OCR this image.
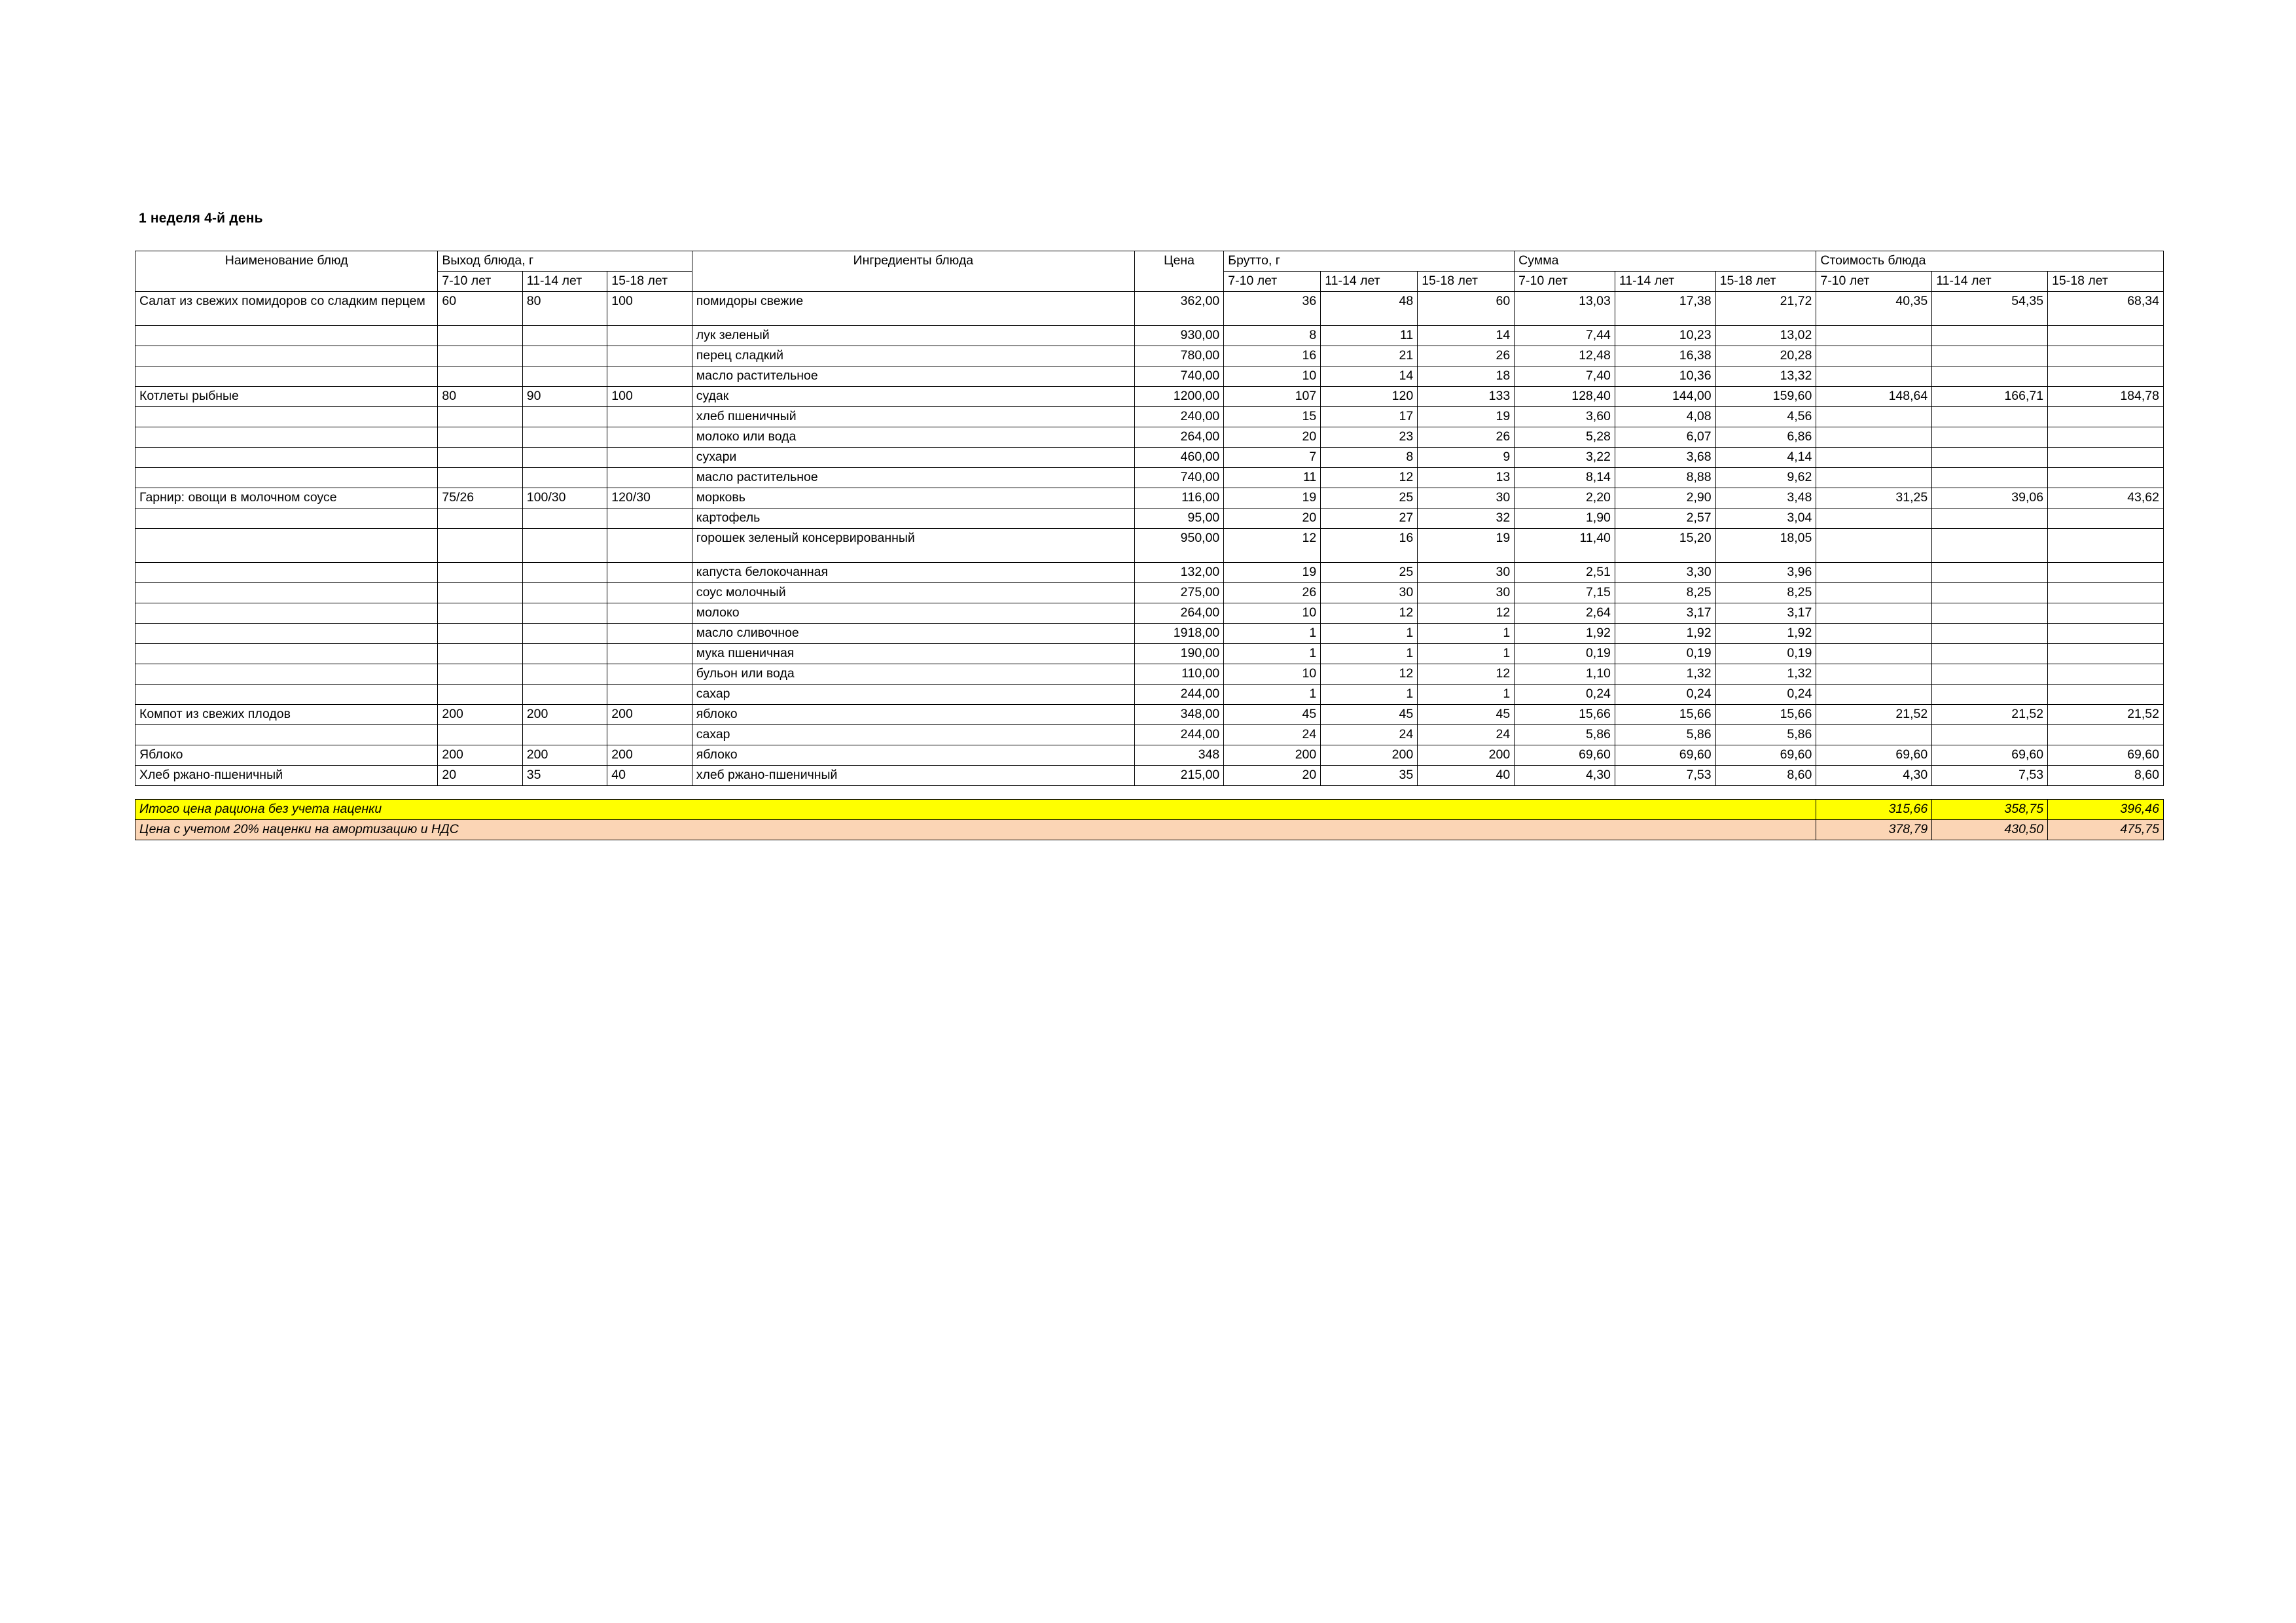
1 неделя 4-й день
Наименование блюд	Выход блюда, г			Ингредиенты блюда	Цена	Брутто, г			Сумма			Стоимость блюда		
	7-10 лет	11-14 лет	15-18 лет			7-10 лет	11-14 лет	15-18 лет	7-10 лет	11-14 лет	15-18 лет	7-10 лет	11-14 лет	15-18 лет
Салат из свежих помидоров со сладким перцем	60	80	100	помидоры свежие	362,00	36	48	60	13,03	17,38	21,72	40,35	54,35	68,34
				лук зеленый	930,00	8	11	14	7,44	10,23	13,02			
				перец сладкий	780,00	16	21	26	12,48	16,38	20,28			
				масло растительное	740,00	10	14	18	7,40	10,36	13,32			
Котлеты рыбные	80	90	100	судак	1200,00	107	120	133	128,40	144,00	159,60	148,64	166,71	184,78
				хлеб пшеничный	240,00	15	17	19	3,60	4,08	4,56			
				молоко или вода	264,00	20	23	26	5,28	6,07	6,86			
				сухари	460,00	7	8	9	3,22	3,68	4,14			
				масло растительное	740,00	11	12	13	8,14	8,88	9,62			
Гарнир: овощи в молочном соусе	75/26	100/30	120/30	морковь	116,00	19	25	30	2,20	2,90	3,48	31,25	39,06	43,62
				картофель	95,00	20	27	32	1,90	2,57	3,04			
				горошек зеленый консервированный	950,00	12	16	19	11,40	15,20	18,05			
				капуста белокочанная	132,00	19	25	30	2,51	3,30	3,96			
				соус молочный	275,00	26	30	30	7,15	8,25	8,25			
				молоко	264,00	10	12	12	2,64	3,17	3,17			
				масло сливочное	1918,00	1	1	1	1,92	1,92	1,92			
				мука пшеничная	190,00	1	1	1	0,19	0,19	0,19			
				бульон или вода	110,00	10	12	12	1,10	1,32	1,32			
				сахар	244,00	1	1	1	0,24	0,24	0,24			
Компот из свежих плодов	200	200	200	яблоко	348,00	45	45	45	15,66	15,66	15,66	21,52	21,52	21,52
				сахар	244,00	24	24	24	5,86	5,86	5,86			
Яблоко	200	200	200	яблоко	348	200	200	200	69,60	69,60	69,60	69,60	69,60	69,60
Хлеб ржано-пшеничный	20	35	40	хлеб ржано-пшеничный	215,00	20	35	40	4,30	7,53	8,60	4,30	7,53	8,60

Итого цена рациона без учета наценки												315,66	358,75	396,46
Цена с учетом 20% наценки на амортизацию и НДС												378,79	430,50	475,75
